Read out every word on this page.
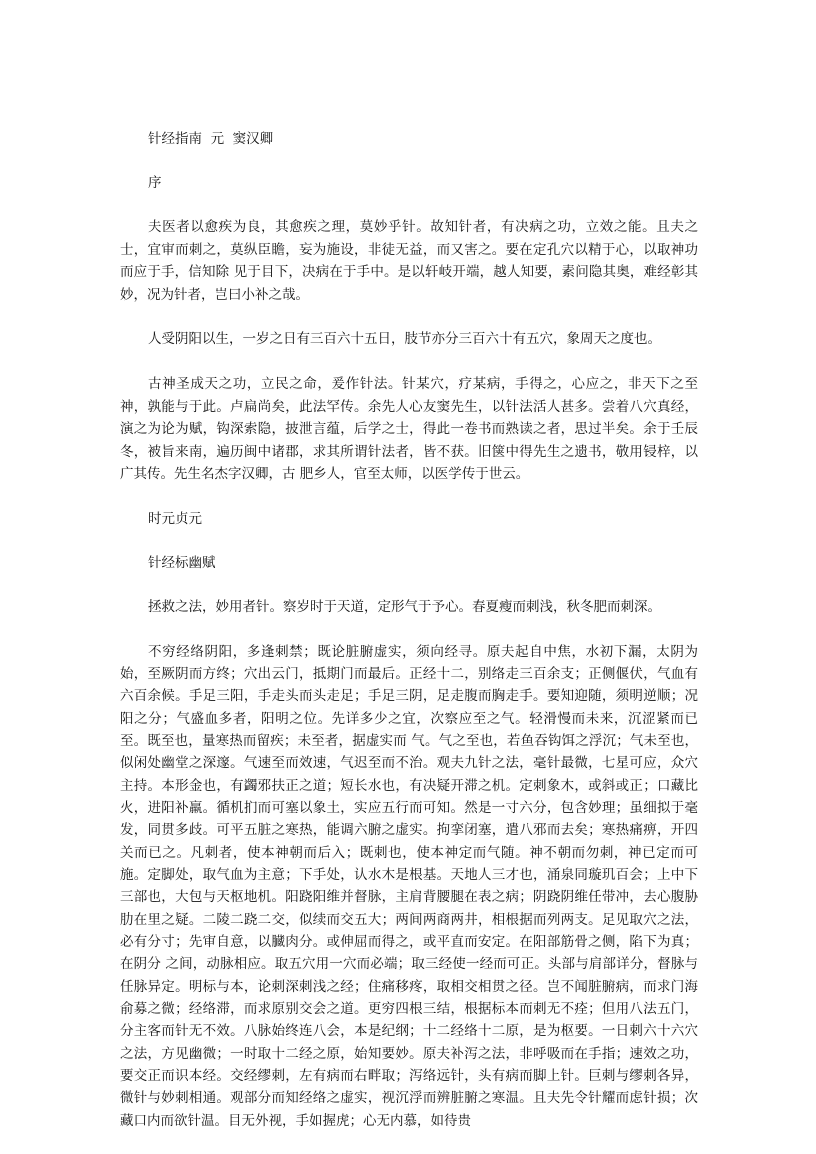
针经指南  元  窦汉卿
序

夫医者以愈疾为良，其愈疾之理，莫妙乎针。故知针者，有决病之功，立效之能。且夫之士，宜审而刺之，莫纵臣瞻，妄为施设，非徒无益，而又害之。要在定孔穴以精于心，以取神功而应于手，信知除 见于目下，决病在于手中。是以轩岐开端，越人知要，素问隐其奥，难经彰其妙，况为针者，岂曰小补之哉。

人受阴阳以生，一岁之日有三百六十五日，肢节亦分三百六十有五穴，象周天之度也。

古神圣成天之功，立民之命，爰作针法。针某穴，疗某病，手得之，心应之，非天下之至神，孰能与于此。卢扁尚矣，此法罕传。余先人心友窦先生，以针法活人甚多。尝着八穴真经，演之为论为赋，钩深索隐，披泄言蕴，后学之士，得此一卷书而熟读之者，思过半矣。余于壬辰冬，被旨来南，遍历闽中诸郡，求其所谓针法者，皆不获。旧箧中得先生之遗书，敬用锓梓，以广其传。先生名杰字汉卿，古 肥乡人，官至太师，以医学传于世云。

时元贞元
针经标幽赋

拯救之法，妙用者针。察岁时于天道，定形气于予心。春夏瘦而刺浅，秋冬肥而刺深。

不穷经络阴阳，多逢刺禁；既论脏腑虚实，须向经寻。原夫起自中焦，水初下漏，太阴为始，至厥阴而方终；穴出云门，抵期门而最后。正经十二，别络走三百余支；正侧偃伏，气血有六百余候。手足三阳，手走头而头走足；手足三阴，足走腹而胸走手。要知迎随，须明逆顺；况阳之分；气盛血多者，阳明之位。先详多少之宜，次察应至之气。轻滑慢而未来，沉涩紧而已至。既至也，量寒热而留疾；未至者，据虚实而 气。气之至也，若鱼吞钩饵之浮沉；气未至也，似闲处幽堂之深邃。气速至而效速，气迟至而不治。观夫九针之法，毫针最微，七星可应，众穴主持。本形金也，有蠲邪扶正之道；短长水也，有决疑开滞之机。定刺象木，或斜或正；口藏比火，进阳补羸。循机扪而可塞以象土，实应五行而可知。然是一寸六分，包含妙理；虽细拟于毫发，同贯多歧。可平五脏之寒热，能调六腑之虚实。拘挛闭塞，遣八邪而去矣；寒热痛痹，开四关而已之。凡刺者，使本神朝而后入；既刺也，使本神定而气随。神不朝而勿刺，神已定而可施。定脚处，取气血为主意；下手处，认水木是根基。天地人三才也，涌泉同璇玑百会；上中下三部也，大包与天枢地机。阳跷阳维并督脉，主肩背腰腿在表之病；阴跷阴维任带冲，去心腹胁肋在里之疑。二陵二跷二交，似续而交五大；两间两商两井，相根据而列两支。足见取穴之法，必有分寸；先审自意，以臓肉分。或伸屈而得之，或平直而安定。在阳部筋骨之侧，陷下为真；在阴分 之间，动脉相应。取五穴用一穴而必端；取三经使一经而可正。头部与肩部详分，督脉与任脉异定。明标与本，论刺深刺浅之经；住痛移疼，取相交相贯之径。岂不闻脏腑病，而求门海俞募之微；经络滞，而求原别交会之道。更穷四根三结，根据标本而刺无不痊；但用八法五门，分主客而针无不效。八脉始终连八会，本是纪纲；十二经络十二原，是为枢要。一日刺六十六穴之法，方见幽微；一时取十二经之原，始知要妙。原夫补泻之法，非呼吸而在手指；速效之功，要交正而识本经。交经缪刺，左有病而右畔取；泻络远针，头有病而脚上针。巨刺与缪刺各异，微针与妙刺相通。观部分而知经络之虚实，视沉浮而辨脏腑之寒温。且夫先令针耀而虑针损；次藏口内而欲针温。目无外视，手如握虎；心无内慕，如待贵
